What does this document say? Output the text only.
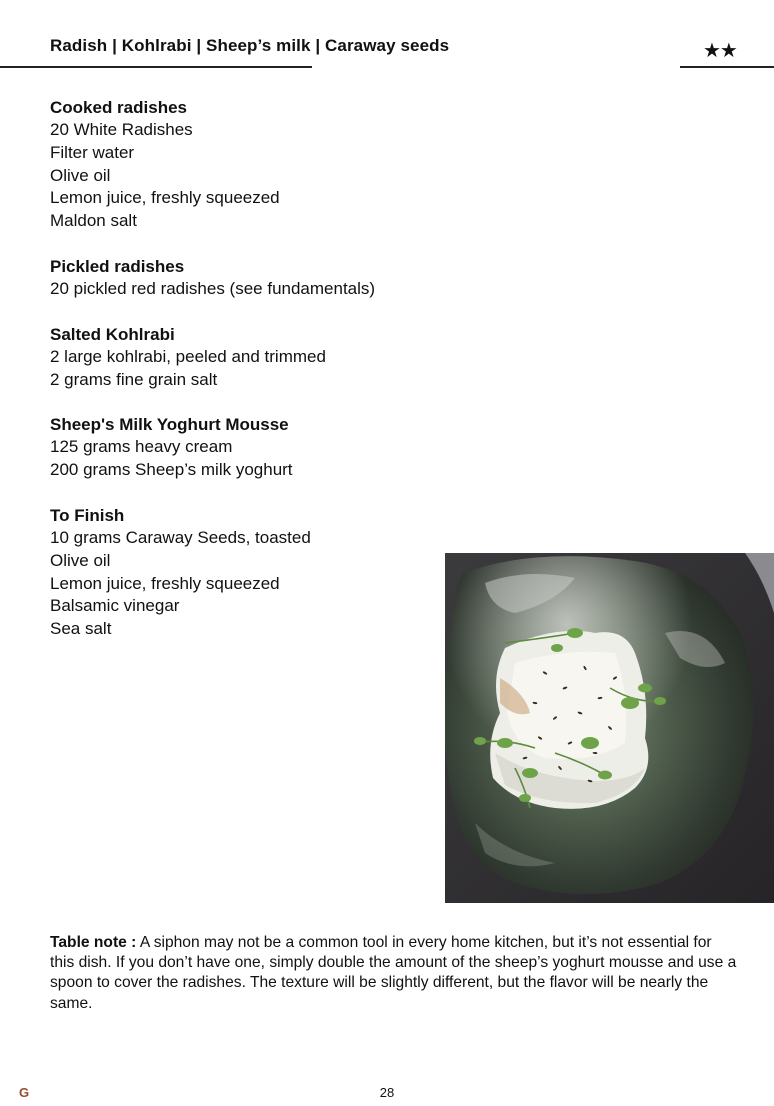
Radish | Kohlrabi | Sheep’s milk | Caraway seeds	★★
Cooked radishes
20 White Radishes
Filter water
Olive oil
Lemon juice, freshly squeezed
Maldon salt
Pickled radishes
20 pickled red radishes (see fundamentals)
Salted Kohlrabi
2 large kohlrabi, peeled and trimmed
2 grams fine grain salt
Sheep's Milk Yoghurt Mousse
125 grams heavy cream
200 grams Sheep’s milk yoghurt
To Finish
10 grams Caraway Seeds, toasted
Olive oil
Lemon juice, freshly squeezed
Balsamic vinegar
Sea salt
Table note : A siphon may not be a common tool in every home kitchen, but it’s not essential for this dish. If you don’t have one, simply double the amount of the sheep’s yoghurt mousse and use a spoon to cover the radishes. The texture will be slightly different, but the flavor will be nearly the same.
G	28
